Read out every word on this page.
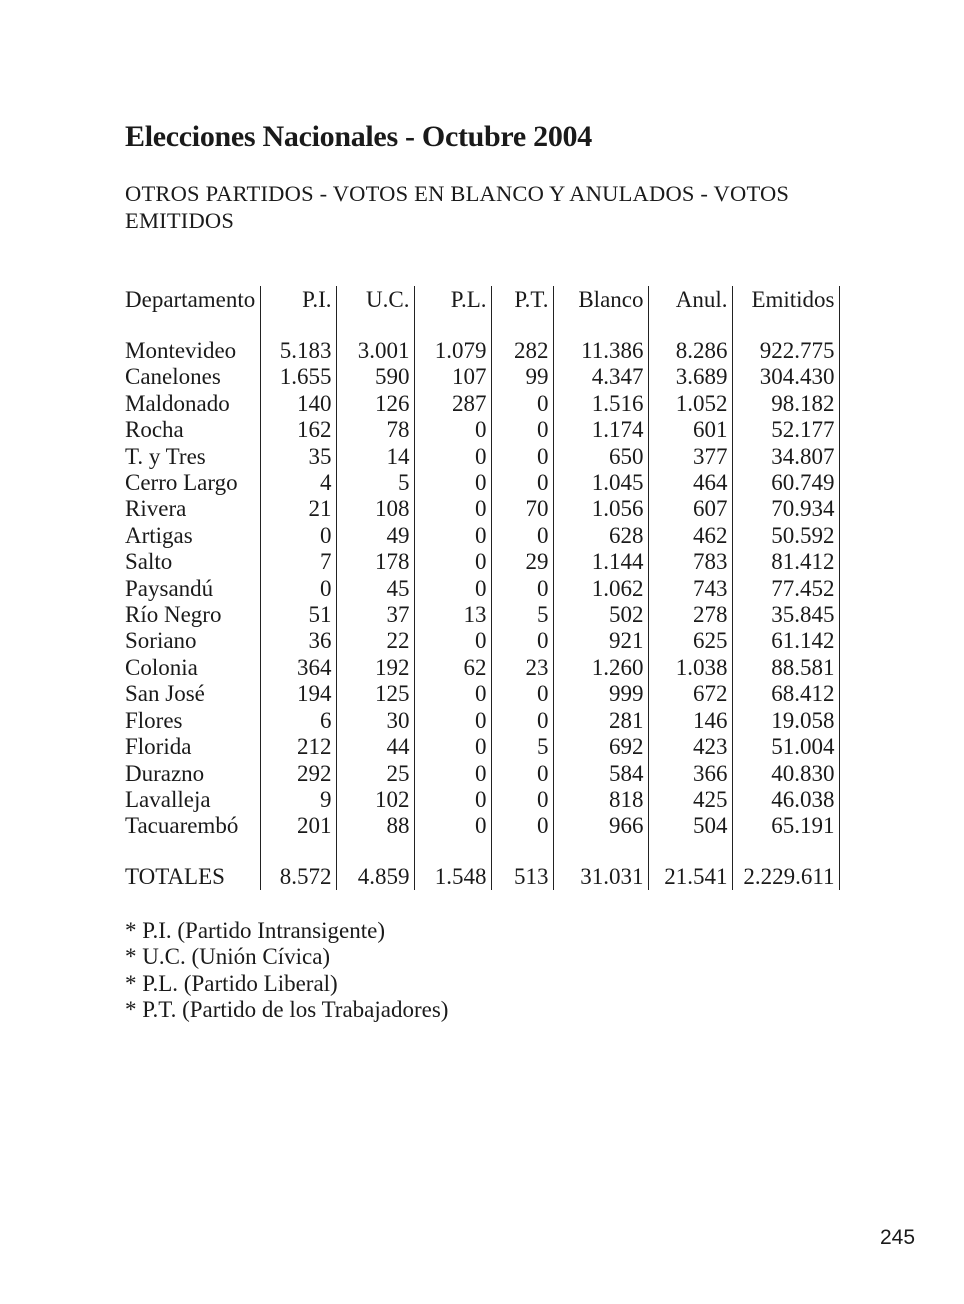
Elecciones Nacionales - Octubre 2004
OTROS PARTIDOS - VOTOS EN BLANCO Y ANULADOS - VOTOS EMITIDOS
Departamento	P.I.	U.C.	P.L.	P.T.	Blanco	Anul.	Emitidos

Montevideo	5.183	3.001	1.079	282	11.386	8.286	922.775
Canelones	1.655	590	107	99	4.347	3.689	304.430
Maldonado	140	126	287	0	1.516	1.052	98.182
Rocha	162	78	0	0	1.174	601	52.177
T. y Tres	35	14	0	0	650	377	34.807
Cerro Largo	4	5	0	0	1.045	464	60.749
Rivera	21	108	0	70	1.056	607	70.934
Artigas	0	49	0	0	628	462	50.592
Salto	7	178	0	29	1.144	783	81.412
Paysandú	0	45	0	0	1.062	743	77.452
Río Negro	51	37	13	5	502	278	35.845
Soriano	36	22	0	0	921	625	61.142
Colonia	364	192	62	23	1.260	1.038	88.581
San José	194	125	0	0	999	672	68.412
Flores	6	30	0	0	281	146	19.058
Florida	212	44	0	5	692	423	51.004
Durazno	292	25	0	0	584	366	40.830
Lavalleja	9	102	0	0	818	425	46.038
Tacuarembó	201	88	0	0	966	504	65.191

TOTALES	8.572	4.859	1.548	513	31.031	21.541	2.229.611
* P.I. (Partido Intransigente)
* U.C. (Unión Cívica)
* P.L. (Partido Liberal)
* P.T. (Partido de los Trabajadores)
245
